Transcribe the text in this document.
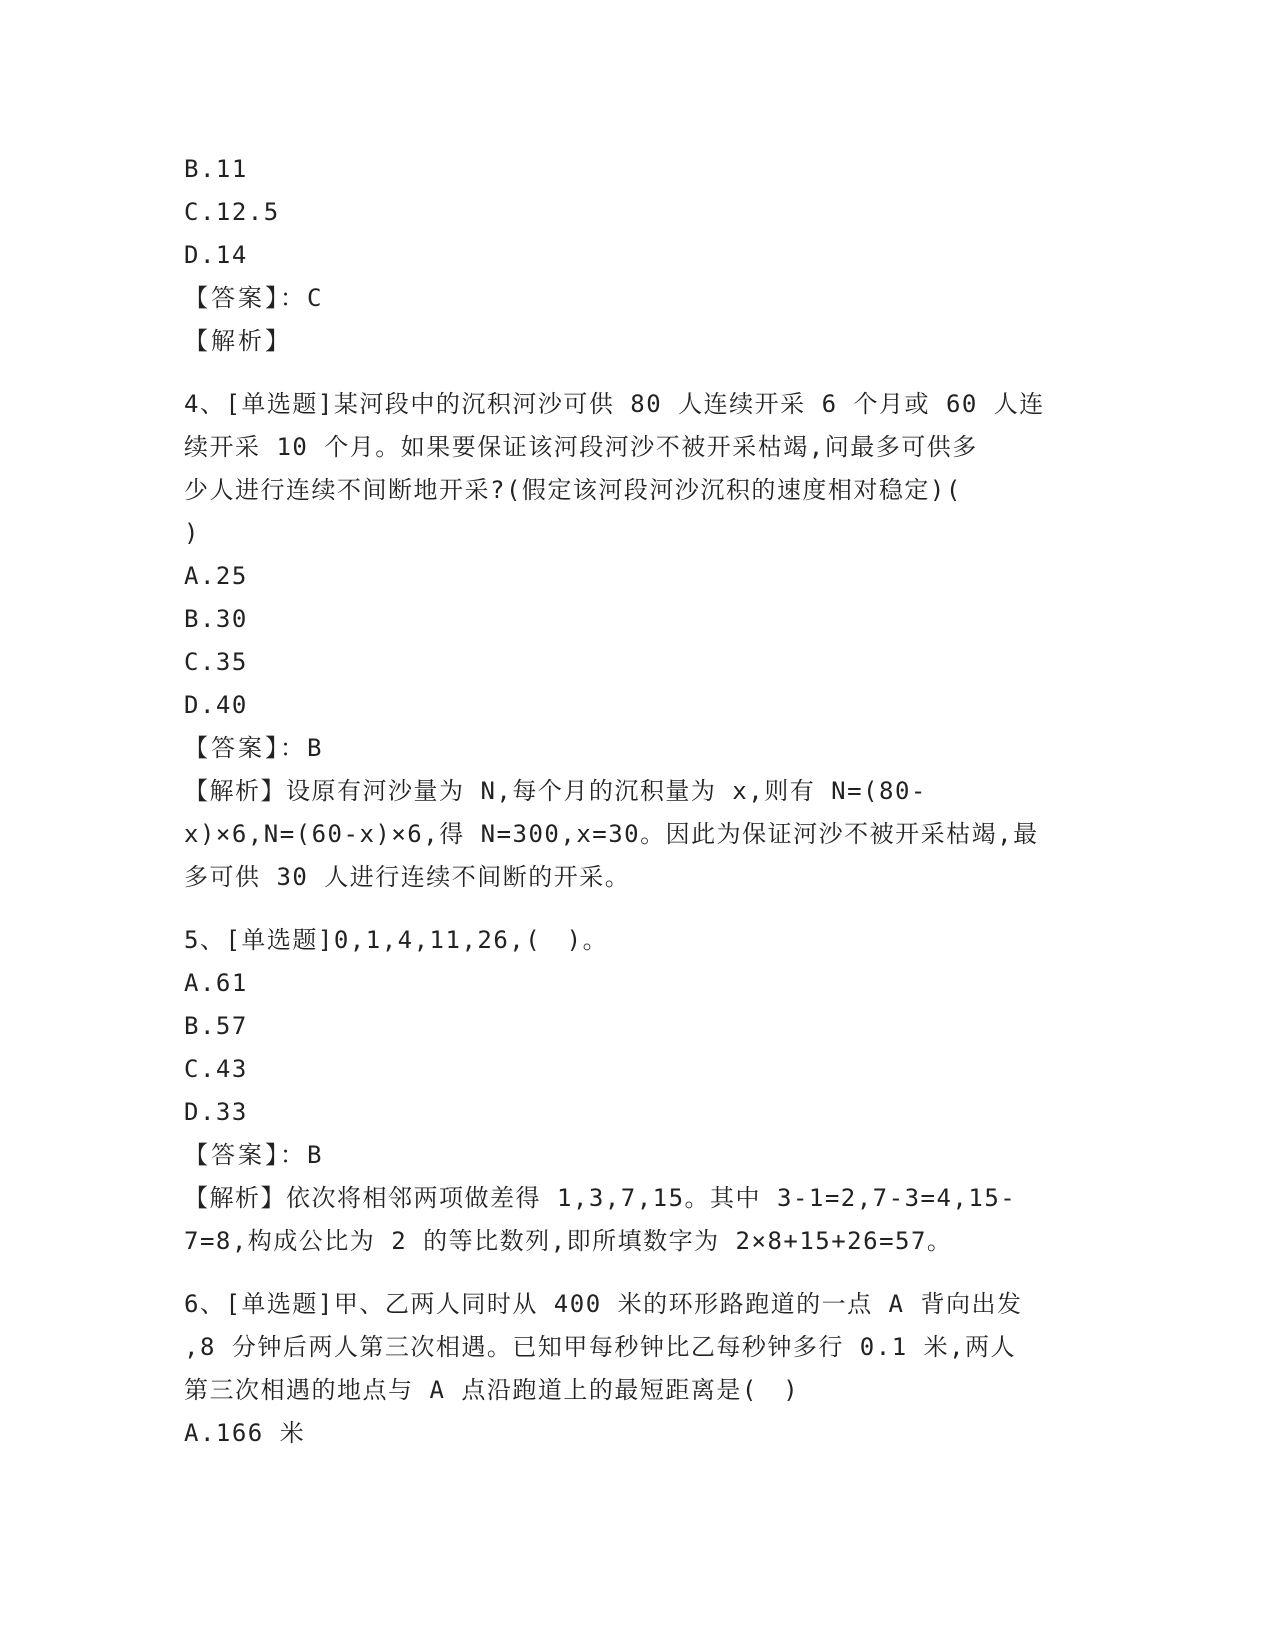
B.11
C.12.5
D.14
【答案】：C
【解析】
4、[单选题]某河段中的沉积河沙可供 80 人连续开采 6 个月或 60 人连
续开采 10 个月。如果要保证该河段河沙不被开采枯竭,问最多可供多
少人进行连续不间断地开采?(假定该河段河沙沉积的速度相对稳定)(
)
A.25
B.30
C.35
D.40
【答案】：B
【解析】设原有河沙量为 N,每个月的沉积量为 x,则有 N=(80-
x)×6,N=(60-x)×6,得 N=300,x=30。因此为保证河沙不被开采枯竭,最
多可供 30 人进行连续不间断的开采。
5、[单选题]0,1,4,11,26,(　)。
A.61
B.57
C.43
D.33
【答案】：B
【解析】依次将相邻两项做差得 1,3,7,15。其中 3-1=2,7-3=4,15-
7=8,构成公比为 2 的等比数列,即所填数字为 2×8+15+26=57。
6、[单选题]甲、乙两人同时从 400 米的环形路跑道的一点 A 背向出发
,8 分钟后两人第三次相遇。已知甲每秒钟比乙每秒钟多行 0.1 米,两人
第三次相遇的地点与 A 点沿跑道上的最短距离是(　)
A.166 米
